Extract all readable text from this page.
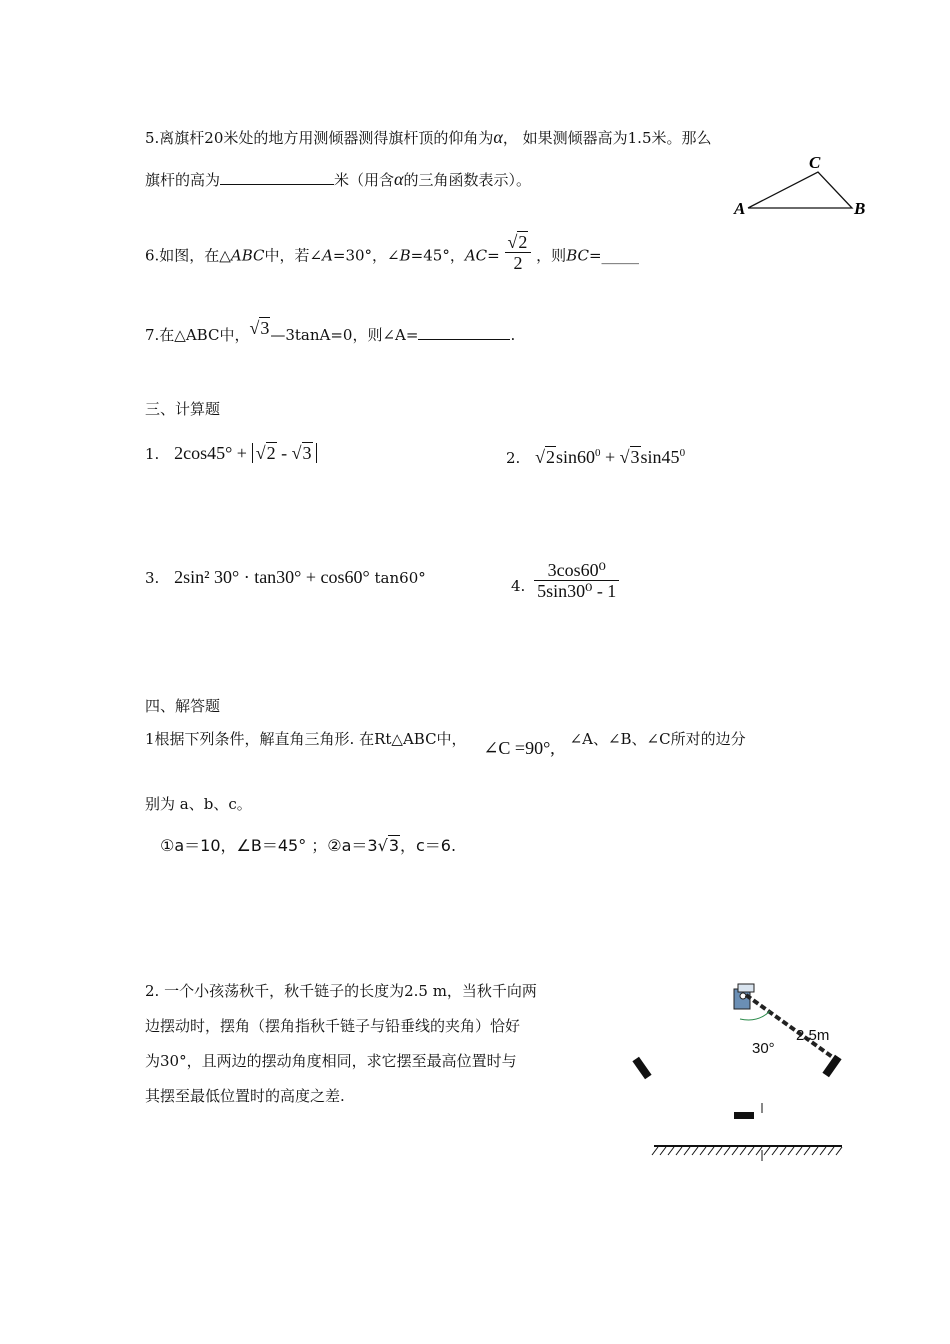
5.离旗杆20米处的地方用测倾器测得旗杆顶的仰角为α， 如果测倾器高为1.5米。那么
旗杆的高为	米（用含α的三角函数表示）。
A
C
B
6.如图，在△ABC中，若∠A=30°，∠B=45°，$AC= \frac{√2}{2}$ ，则BC=_____
7.在△ABC中，√3—3tanA=0，则∠A=	.
三、计算题
1. 2cos45° + √2 - √3	2. $√2\sin 60^0 + √3\sin 45^0$
3. 2sin² 30° · tan30° + cos60° tan60°	4. $\frac{\text{3cos60⁰}}{\text{5sin30⁰ - 1}}$
四、解答题
1根据下列条件，解直角三角形. 在Rt△ABC中， ∠C =90°, ∠A、∠B、∠C所对的边分
别为 a、b、c。
①a＝10，∠B＝45° ；②a＝3√3，c＝6.
2. 一个小孩荡秋千，秋千链子的长度为2.5 m，当秋千向两
边摆动时，摆角（摆角指秋千链子与铅垂线的夹角）恰好
为30°，且两边的摆动角度相同，求它摆至最高位置时与
其摆至最低位置时的高度之差.
30°
2.5m
